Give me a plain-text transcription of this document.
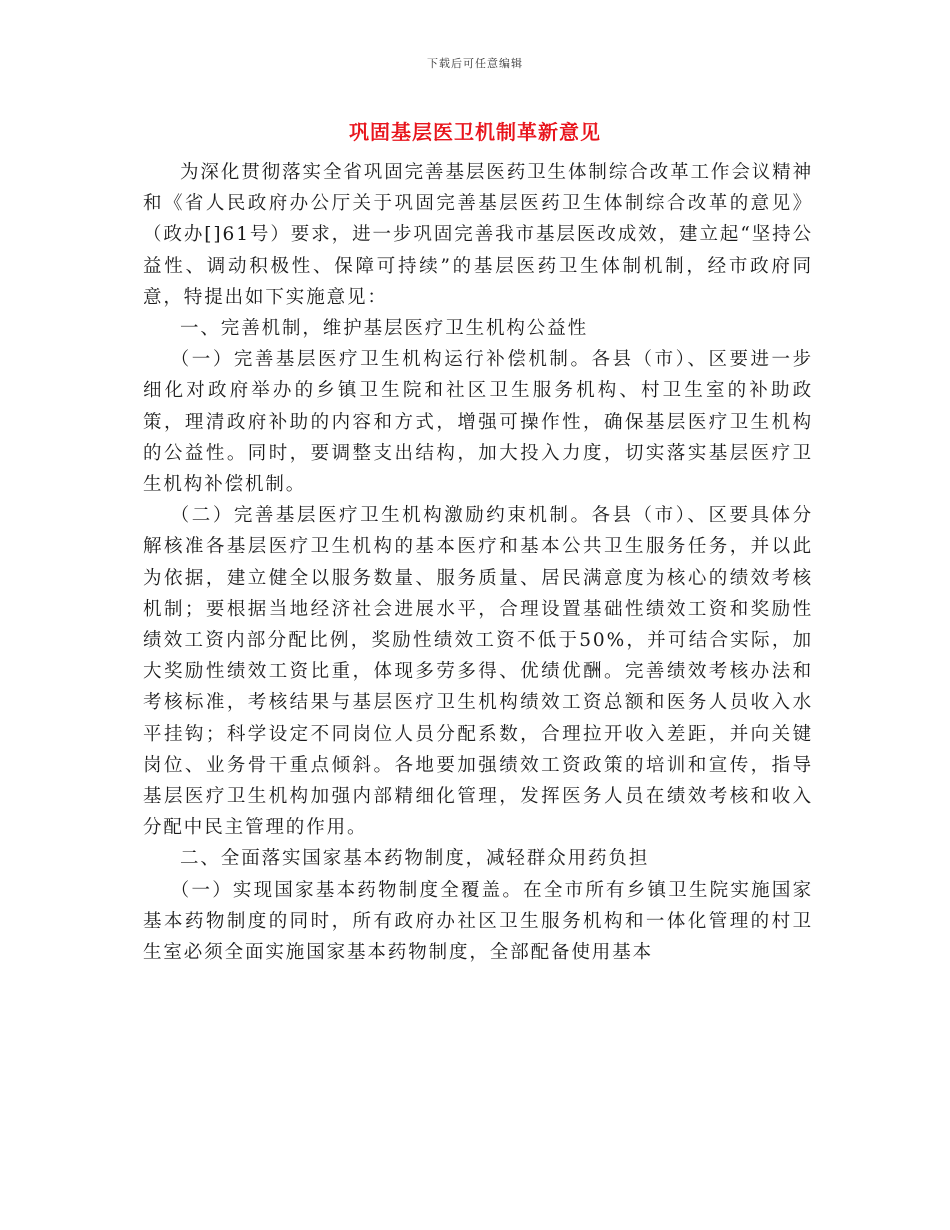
下载后可任意编辑
巩固基层医卫机制革新意见

为深化贯彻落实全省巩固完善基层医药卫生体制综合改革工作会议精神和《省人民政府办公厅关于巩固完善基层医药卫生体制综合改革的意见》（政办[]61号）要求，进一步巩固完善我市基层医改成效，建立起“坚持公益性、调动积极性、保障可持续”的基层医药卫生体制机制，经市政府同意，特提出如下实施意见：

一、完善机制，维护基层医疗卫生机构公益性

（一）完善基层医疗卫生机构运行补偿机制。各县（市）、区要进一步细化对政府举办的乡镇卫生院和社区卫生服务机构、村卫生室的补助政策，理清政府补助的内容和方式，增强可操作性，确保基层医疗卫生机构的公益性。同时，要调整支出结构，加大投入力度，切实落实基层医疗卫生机构补偿机制。

（二）完善基层医疗卫生机构激励约束机制。各县（市）、区要具体分解核准各基层医疗卫生机构的基本医疗和基本公共卫生服务任务，并以此为依据，建立健全以服务数量、服务质量、居民满意度为核心的绩效考核机制；要根据当地经济社会进展水平，合理设置基础性绩效工资和奖励性绩效工资内部分配比例，奖励性绩效工资不低于50%，并可结合实际，加大奖励性绩效工资比重，体现多劳多得、优绩优酬。完善绩效考核办法和考核标准，考核结果与基层医疗卫生机构绩效工资总额和医务人员收入水平挂钩；科学设定不同岗位人员分配系数，合理拉开收入差距，并向关键岗位、业务骨干重点倾斜。各地要加强绩效工资政策的培训和宣传，指导基层医疗卫生机构加强内部精细化管理，发挥医务人员在绩效考核和收入分配中民主管理的作用。

二、全面落实国家基本药物制度，减轻群众用药负担

（一）实现国家基本药物制度全覆盖。在全市所有乡镇卫生院实施国家基本药物制度的同时，所有政府办社区卫生服务机构和一体化管理的村卫生室必须全面实施国家基本药物制度，全部配备使用基本
